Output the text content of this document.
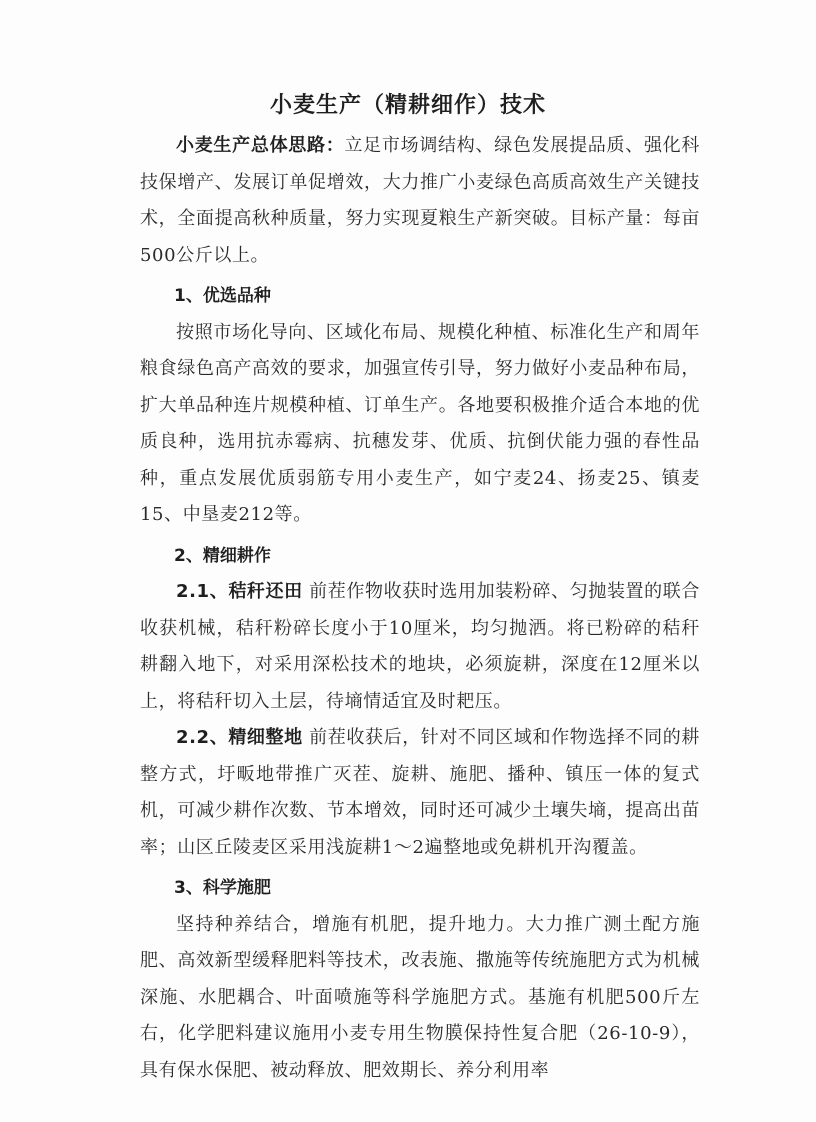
小麦生产（精耕细作）技术

小麦生产总体思路：立足市场调结构、绿色发展提品质、强化科技保增产、发展订单促增效，大力推广小麦绿色高质高效生产关键技术，全面提高秋种质量，努力实现夏粮生产新突破。目标产量：每亩500公斤以上。

1、优选品种

按照市场化导向、区域化布局、规模化种植、标准化生产和周年粮食绿色高产高效的要求，加强宣传引导，努力做好小麦品种布局，扩大单品种连片规模种植、订单生产。各地要积极推介适合本地的优质良种，选用抗赤霉病、抗穗发芽、优质、抗倒伏能力强的春性品种，重点发展优质弱筋专用小麦生产，如宁麦24、扬麦25、镇麦15、中垦麦212等。

2、精细耕作

2.1、秸秆还田 前茬作物收获时选用加装粉碎、匀抛装置的联合收获机械，秸秆粉碎长度小于10厘米，均匀抛洒。将已粉碎的秸秆耕翻入地下，对采用深松技术的地块，必须旋耕，深度在12厘米以上，将秸秆切入土层，待墒情适宜及时耙压。

2.2、精细整地 前茬收获后，针对不同区域和作物选择不同的耕整方式，圩畈地带推广灭茬、旋耕、施肥、播种、镇压一体的复式机，可减少耕作次数、节本增效，同时还可减少土壤失墒，提高出苗率；山区丘陵麦区采用浅旋耕1～2遍整地或免耕机开沟覆盖。

3、科学施肥

坚持种养结合，增施有机肥，提升地力。大力推广测土配方施肥、高效新型缓释肥料等技术，改表施、撒施等传统施肥方式为机械深施、水肥耦合、叶面喷施等科学施肥方式。基施有机肥500斤左右，化学肥料建议施用小麦专用生物膜保持性复合肥（26-10-9），具有保水保肥、被动释放、肥效期长、养分利用率
